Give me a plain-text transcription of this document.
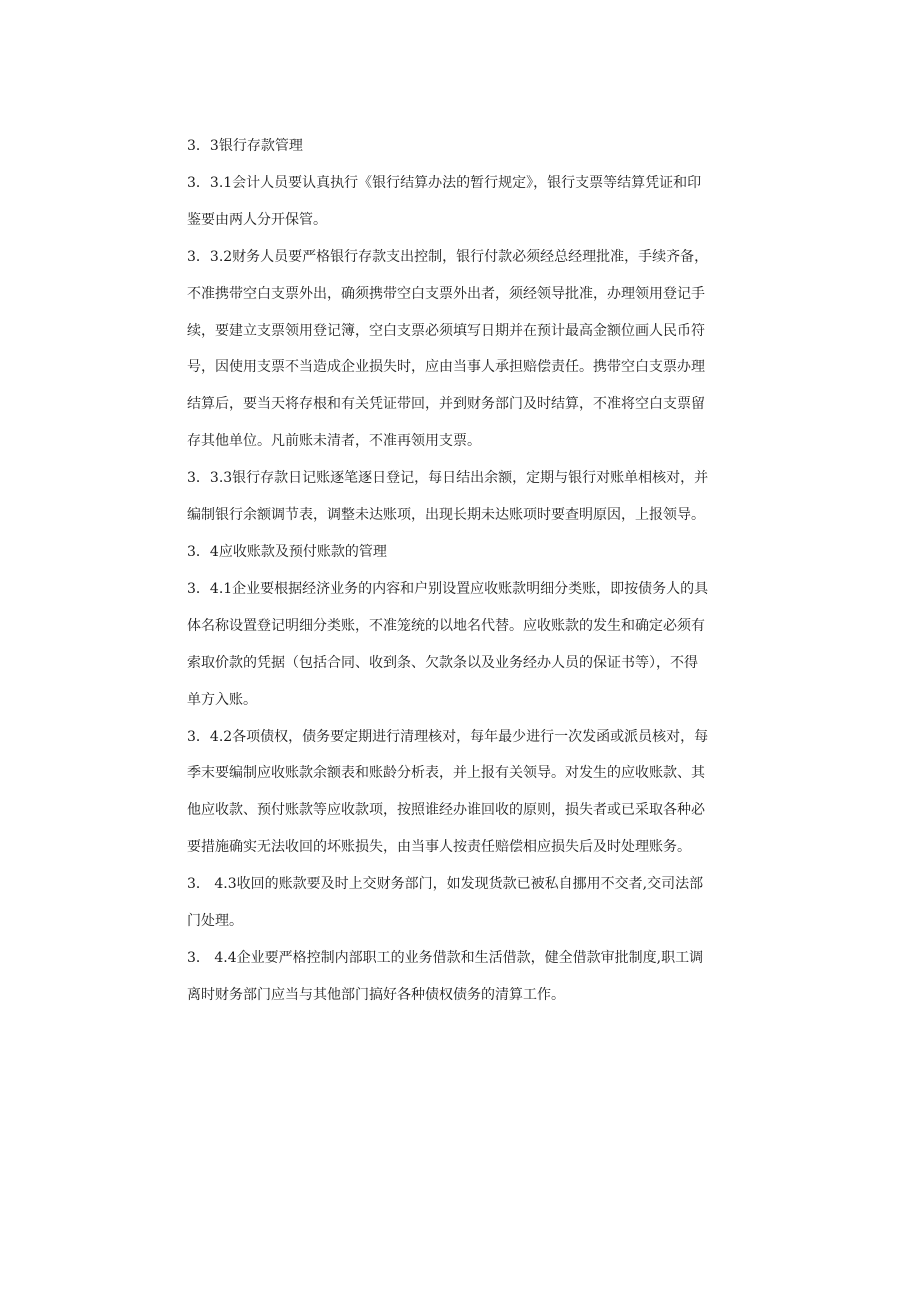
3．3银行存款管理

3．3.1会计人员要认真执行《银行结算办法的暂行规定》，银行支票等结算凭证和印
鉴要由两人分开保管。

3．3.2财务人员要严格银行存款支出控制，银行付款必须经总经理批准，手续齐备，
不准携带空白支票外出，确须携带空白支票外出者，须经领导批准，办理领用登记手
续，要建立支票领用登记簿，空白支票必须填写日期并在预计最高金额位画人民币符
号，因使用支票不当造成企业损失时，应由当事人承担赔偿责任。携带空白支票办理
结算后，要当天将存根和有关凭证带回，并到财务部门及时结算，不准将空白支票留
存其他单位。凡前账未清者，不准再领用支票。

3．3.3银行存款日记账逐笔逐日登记，每日结出余额，定期与银行对账单相核对，并
编制银行余额调节表，调整未达账项，出现长期未达账项时要查明原因，上报领导。

3．4应收账款及预付账款的管理

3．4.1企业要根据经济业务的内容和户别设置应收账款明细分类账，即按债务人的具
体名称设置登记明细分类账，不准笼统的以地名代替。应收账款的发生和确定必须有
索取价款的凭据（包括合同、收到条、欠款条以及业务经办人员的保证书等），不得
单方入账。

3．4.2各项债权，债务要定期进行清理核对，每年最少进行一次发函或派员核对，每
季末要编制应收账款余额表和账龄分析表，并上报有关领导。对发生的应收账款、其
他应收款、预付账款等应收款项，按照谁经办谁回收的原则，损失者或已采取各种必
要措施确实无法收回的坏账损失，由当事人按责任赔偿相应损失后及时处理账务。

3． 4.3收回的账款要及时上交财务部门，如发现货款已被私自挪用不交者,交司法部
门处理。

3． 4.4企业要严格控制内部职工的业务借款和生活借款，健全借款审批制度,职工调
离时财务部门应当与其他部门搞好各种债权债务的清算工作。
